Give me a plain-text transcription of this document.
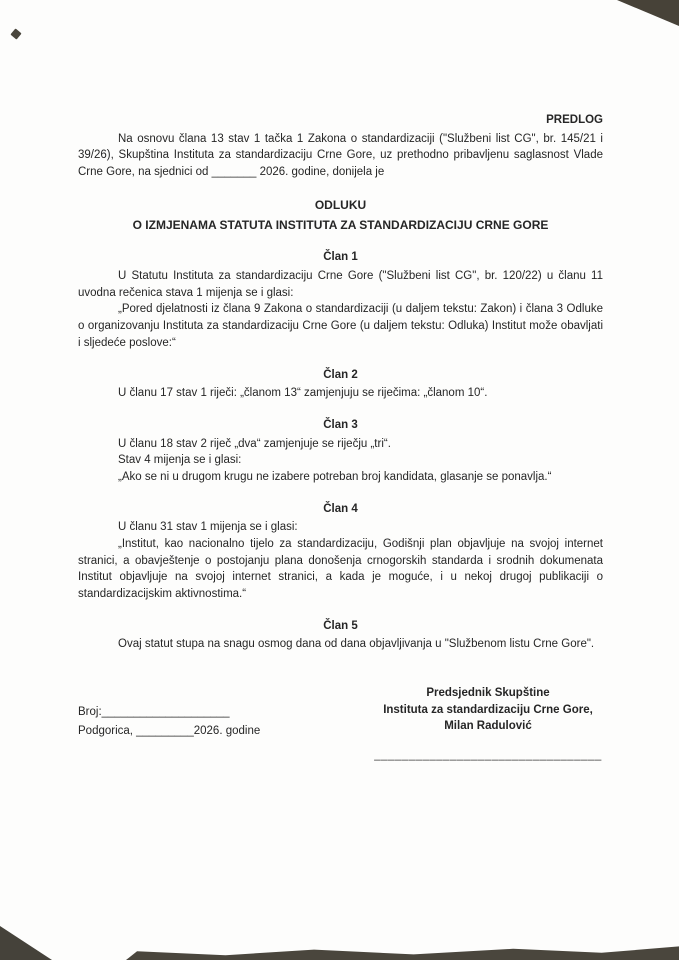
PREDLOG

Na osnovu člana 13 stav 1 tačka 1 Zakona o standardizaciji ("Službeni list CG", br. 145/21 i 39/26), Skupština Instituta za standardizaciju Crne Gore, uz prethodno pribavljenu saglasnost Vlade Crne Gore, na sjednici od _______ 2026. godine, donijela je

ODLUKU
O IZMJENAMA STATUTA INSTITUTA ZA STANDARDIZACIJU CRNE GORE
Član 1

U Statutu Instituta za standardizaciju Crne Gore ("Službeni list CG", br. 120/22) u članu 11 uvodna rečenica stava 1 mijenja se i glasi:

„Pored djelatnosti iz člana 9 Zakona o standardizaciji (u daljem tekstu: Zakon) i člana 3 Odluke o organizovanju Instituta za standardizaciju Crne Gore (u daljem tekstu: Odluka) Institut može obavljati i sljedeće poslove:“

Član 2

U članu 17 stav 1 riječi: „članom 13“ zamjenjuju se riječima: „članom 10“.

Član 3

U članu 18 stav 2 riječ „dva“ zamjenjuje se riječju „tri“.

Stav 4 mijenja se i glasi:

„Ako se ni u drugom krugu ne izabere potreban broj kandidata, glasanje se ponavlja.“

Član 4

U članu 31 stav 1 mijenja se i glasi:

„Institut, kao nacionalno tijelo za standardizaciju, Godišnji plan objavljuje na svojoj internet stranici, a obavještenje o postojanju plana donošenja crnogorskih standarda i srodnih dokumenata Institut objavljuje na svojoj internet stranici, a kada je moguće, i u nekoj drugoj publikaciji o standardizacijskim aktivnostima.“

Član 5

Ovaj statut stupa na snagu osmog dana od dana objavljivanja u "Službenom listu Crne Gore".

Broj:____________________
Podgorica, _________2026. godine
Predsjednik Skupštine
Instituta za standardizaciju Crne Gore,
Milan Radulović
_________________________________
